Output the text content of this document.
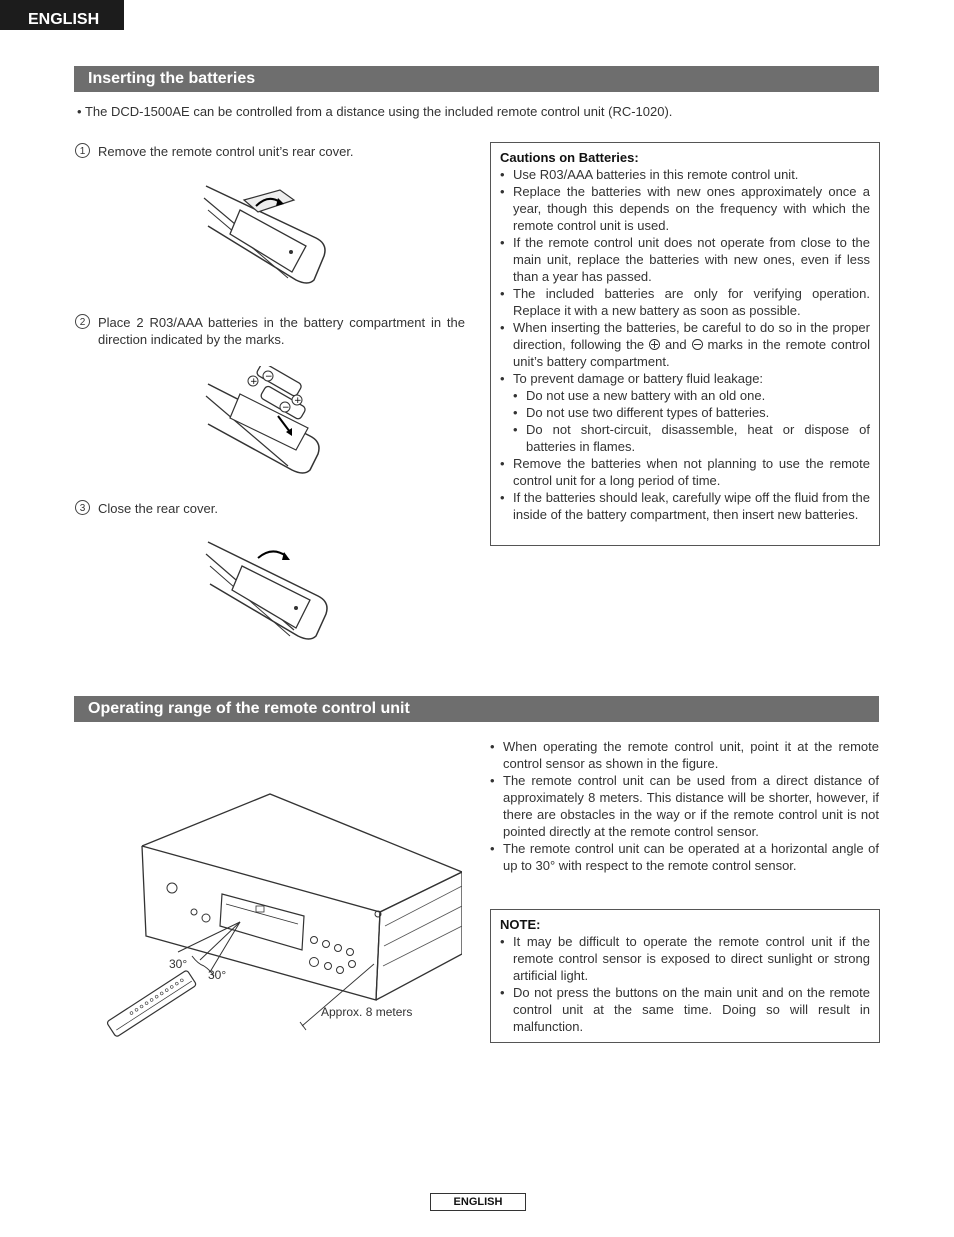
ENGLISH
Inserting the batteries
• The DCD-1500AE can be controlled from a distance using the included remote control unit (RC-1020).
1 Remove the remote control unit’s rear cover.
2 Place 2 R03/AAA batteries in the battery compartment in the direction indicated by the marks.
+ −
+
−
3 Close the rear cover.
Cautions on Batteries:
• Use R03/AAA batteries in this remote control unit.
• Replace the batteries with new ones approximately once a year, though this depends on the frequency with which the remote control unit is used.
• If the remote control unit does not operate from close to the main unit, replace the batteries with new ones, even if less than a year has passed.
• The included batteries are only for verifying operation. Replace it with a new battery as soon as possible.
• When inserting the batteries, be careful to do so in the proper direction, following the and marks in the remote control unit’s battery compartment.
• To prevent damage or battery fluid leakage:
• Do not use a new battery with an old one.
• Do not use two different types of batteries.
• Do not short-circuit, disassemble, heat or dispose of batteries in flames.
• Remove the batteries when not planning to use the remote control unit for a long period of time.
• If the batteries should leak, carefully wipe off the fluid from the inside of the battery compartment, then insert new batteries.
Operating range of the remote control unit
30°
30°
Approx. 8 meters
• When operating the remote control unit, point it at the remote control sensor as shown in the figure.
• The remote control unit can be used from a direct distance of approximately 8 meters. This distance will be shorter, however, if there are obstacles in the way or if the remote control unit is not pointed directly at the remote control sensor.
• The remote control unit can be operated at a horizontal angle of up to 30° with respect to the remote control sensor.
NOTE:
• It may be difficult to operate the remote control unit if the remote control sensor is exposed to direct sunlight or strong artificial light.
• Do not press the buttons on the main unit and on the remote control unit at the same time. Doing so will result in malfunction.
ENGLISH
